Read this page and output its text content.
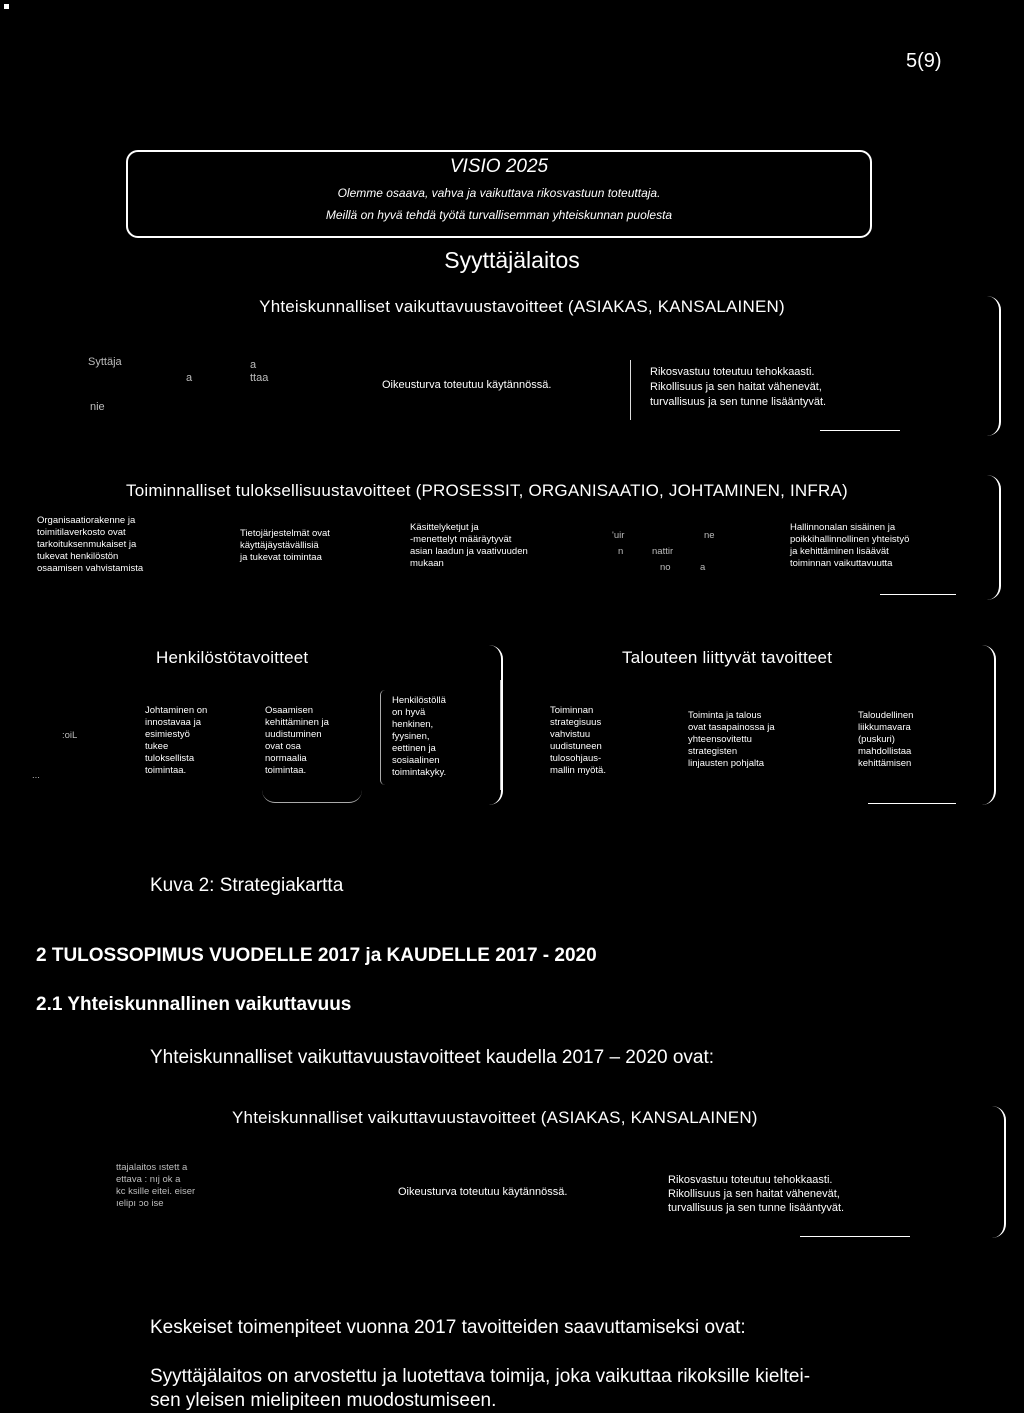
5(9)
VISIO 2025
Olemme osaava, vahva ja vaikuttava rikosvastuun toteuttaja.
Meillä on hyvä tehdä työtä turvallisemman yhteiskunnan puolesta
Syyttäjälaitos
Yhteiskunnalliset vaikuttavuustavoitteet (ASIAKAS, KANSALAINEN)
Syttäja
a
a
ttaa
nie
Oikeusturva toteutuu käytännössä.
Rikosvastuu toteutuu tehokkaasti.
Rikollisuus ja sen haitat vähenevät,
turvallisuus ja sen tunne lisääntyvät.
Toiminnalliset tuloksellisuustavoitteet (PROSESSIT, ORGANISAATIO, JOHTAMINEN, INFRA)
Organisaatiorakenne ja
toimitilaverkosto ovat
tarkoituksenmukaiset ja
tukevat henkilöstön
osaamisen vahvistamista
Tietojärjestelmät ovat
käyttäjäystävällisiä
ja tukevat toimintaa
Käsittelyketjut ja
-menettelyt määräytyvät
asian laadun ja vaativuuden
mukaan
'uir
n	nattir
ne
no	a
Hallinnonalan sisäinen ja
poikkihallinnollinen yhteistyö
ja kehittäminen lisäävät
toiminnan vaikuttavuutta
Henkilöstötavoitteet	Talouteen liittyvät tavoitteet
:oiL
...
Johtaminen on
innostavaa ja
esimiestyö
tukee
tuloksellista
toimintaa.
Osaamisen
kehittäminen ja
uudistuminen
ovat osa
normaalia
toimintaa.
Henkilöstöllä
on hyvä
henkinen,
fyysinen,
eettinen ja
sosiaalinen
toimintakyky.
Toiminnan
strategisuus
vahvistuu
uudistuneen
tulosohjaus-
mallin myötä.
Toiminta ja talous
ovat tasapainossa ja
yhteensovitettu
strategisten
linjausten pohjalta
Taloudellinen
liikkumavara
(puskuri)
mahdollistaa
kehittämisen
Kuva 2: Strategiakartta
2 TULOSSOPIMUS VUODELLE 2017 ja KAUDELLE 2017 - 2020
2.1 Yhteiskunnallinen vaikuttavuus
Yhteiskunnalliset vaikuttavuustavoitteet kaudella 2017 – 2020 ovat:
Yhteiskunnalliset vaikuttavuustavoitteet (ASIAKAS, KANSALAINEN)
ttajalaitos ıstett a
ettava : nıj ok a
kc ksille eitei. eiser
ıelipı ɔo ise
Oikeusturva toteutuu käytännössä.
Rikosvastuu toteutuu tehokkaasti.
Rikollisuus ja sen haitat vähenevät,
turvallisuus ja sen tunne lisääntyvät.
Keskeiset toimenpiteet vuonna 2017 tavoitteiden saavuttamiseksi ovat:
Syyttäjälaitos on arvostettu ja luotettava toimija, joka vaikuttaa rikoksille kieltei-
sen yleisen mielipiteen muodostumiseen.
